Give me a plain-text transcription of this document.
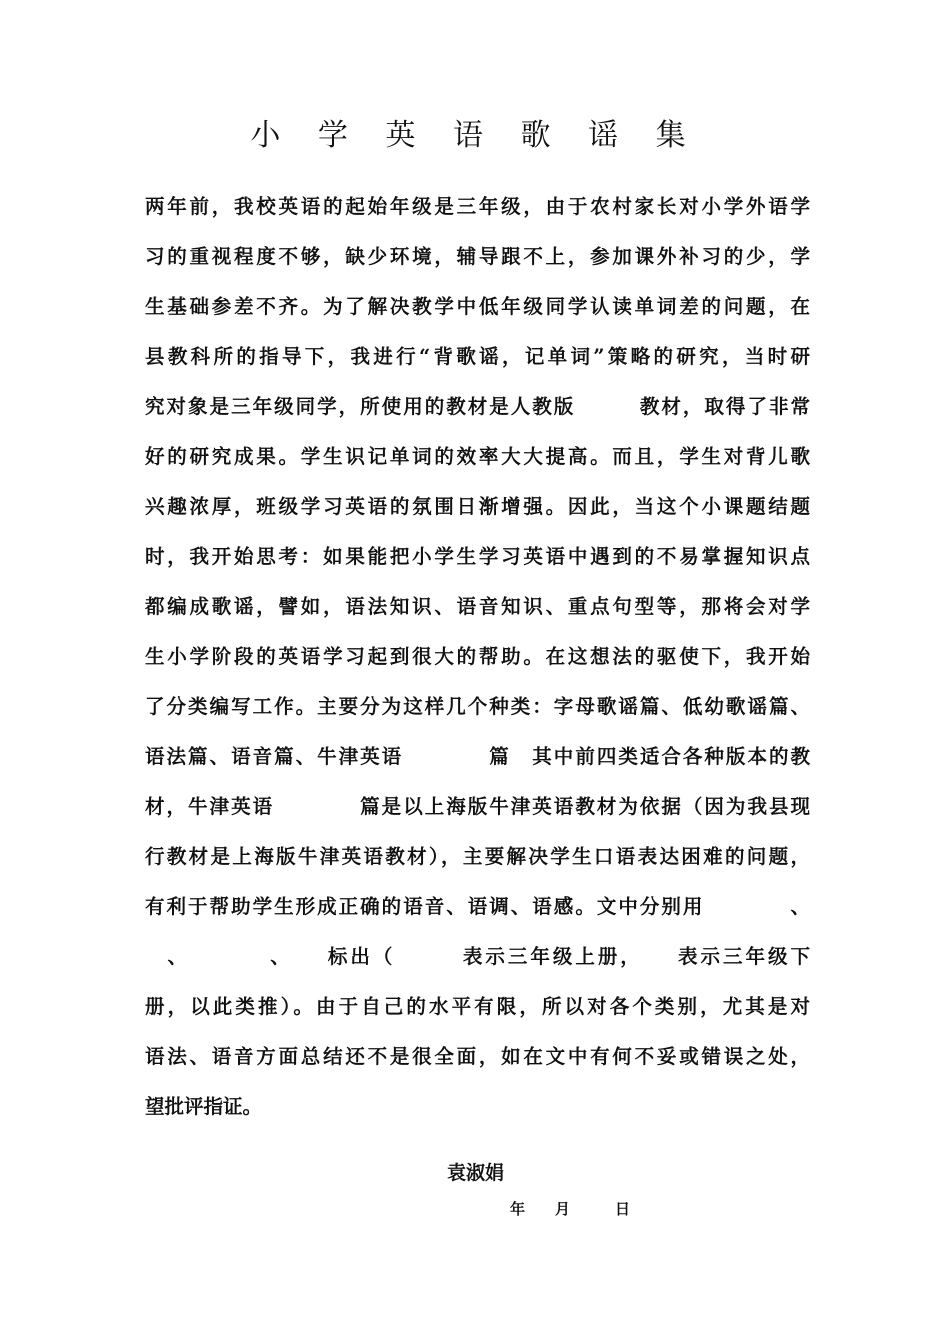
小 学 英 语 歌 谣 集
两年前，我校英语的起始年级是三年级，由于农村家长对小学外语学
习的重视程度不够，缺少环境，辅导跟不上，参加课外补习的少，学
生基础参差不齐。为了解决教学中低年级同学认读单词差的问题，在
县教科所的指导下，我进行“背歌谣，记单词”策略的研究，当时研
究对象是三年级同学，所使用的教材是人教版　　　教材，取得了非常
好的研究成果。学生识记单词的效率大大提高。而且，学生对背儿歌
兴趣浓厚，班级学习英语的氛围日渐增强。因此，当这个小课题结题
时，我开始思考：如果能把小学生学习英语中遇到的不易掌握知识点
都编成歌谣，譬如，语法知识、语音知识、重点句型等，那将会对学
生小学阶段的英语学习起到很大的帮助。在这想法的驱使下，我开始
了分类编写工作。主要分为这样几个种类：字母歌谣篇、低幼歌谣篇、
语法篇、语音篇、牛津英语　　　　篇　其中前四类适合各种版本的教
材，牛津英语　　　　篇是以上海版牛津英语教材为依据（因为我县现
行教材是上海版牛津英语教材），主要解决学生口语表达困难的问题，
有利于帮助学生形成正确的语音、语调、语感。文中分别用　　　　、
　、　　　　、　　标出（　　　表示三年级上册，　　表示三年级下
册，以此类推）。由于自己的水平有限，所以对各个类别，尤其是对
语法、语音方面总结还不是很全面，如在文中有何不妥或错误之处，
望批评指证。

袁淑娟

年　　月　　　日
